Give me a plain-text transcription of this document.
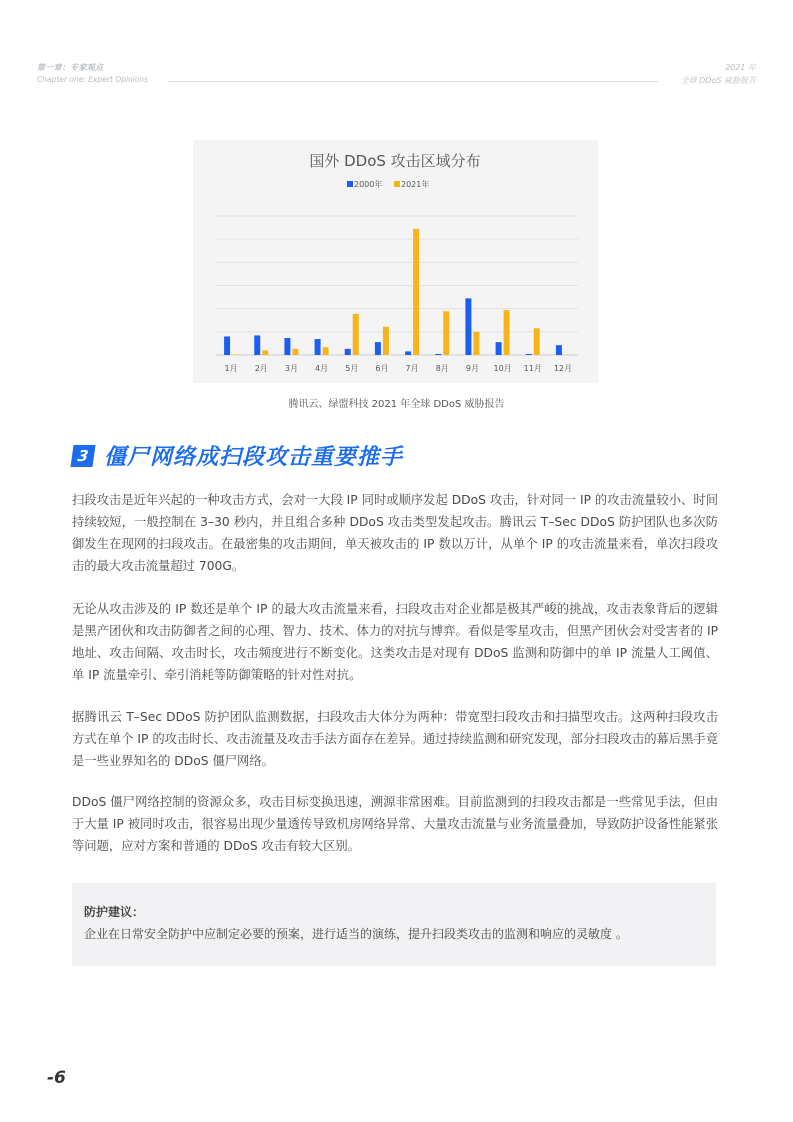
第一章：专家观点
Chapter one: Expert Opinions
2021 年
全球 DDoS 威胁报告
国外 DDoS 攻击区域分布
2000年 2021年
1月 2月 3月 4月 5月 6月 7月 8月 9月 10月 11月 12月
腾讯云、绿盟科技 2021 年全球 DDoS 威胁报告
3 僵尸网络成扫段攻击重要推手
扫段攻击是近年兴起的一种攻击方式，会对一大段 IP 同时或顺序发起 DDoS 攻击，针对同一 IP 的攻击流量较小、时间持续较短，一般控制在 3–30 秒内，并且组合多种 DDoS 攻击类型发起攻击。腾讯云 T–Sec DDoS 防护团队也多次防御发生在现网的扫段攻击。在最密集的攻击期间，单天被攻击的 IP 数以万计，从单个 IP 的攻击流量来看，单次扫段攻击的最大攻击流量超过 700G。
无论从攻击涉及的 IP 数还是单个 IP 的最大攻击流量来看，扫段攻击对企业都是极其严峻的挑战，攻击表象背后的逻辑是黑产团伙和攻击防御者之间的心理、智力、技术、体力的对抗与博弈。看似是零星攻击，但黑产团伙会对受害者的 IP 地址、攻击间隔、攻击时长，攻击频度进行不断变化。这类攻击是对现有 DDoS 监测和防御中的单 IP 流量人工阈值、单 IP 流量牵引、牵引消耗等防御策略的针对性对抗。
据腾讯云 T–Sec DDoS 防护团队监测数据，扫段攻击大体分为两种：带宽型扫段攻击和扫描型攻击。这两种扫段攻击方式在单个 IP 的攻击时长、攻击流量及攻击手法方面存在差异。通过持续监测和研究发现，部分扫段攻击的幕后黑手竟是一些业界知名的 DDoS 僵尸网络。
DDoS 僵尸网络控制的资源众多，攻击目标变换迅速，溯源非常困难。目前监测到的扫段攻击都是一些常见手法，但由于大量 IP 被同时攻击，很容易出现少量透传导致机房网络异常、大量攻击流量与业务流量叠加，导致防护设备性能紧张等问题，应对方案和普通的 DDoS 攻击有较大区别。
防护建议：
企业在日常安全防护中应制定必要的预案，进行适当的演练，提升扫段类攻击的监测和响应的灵敏度 。
-6
